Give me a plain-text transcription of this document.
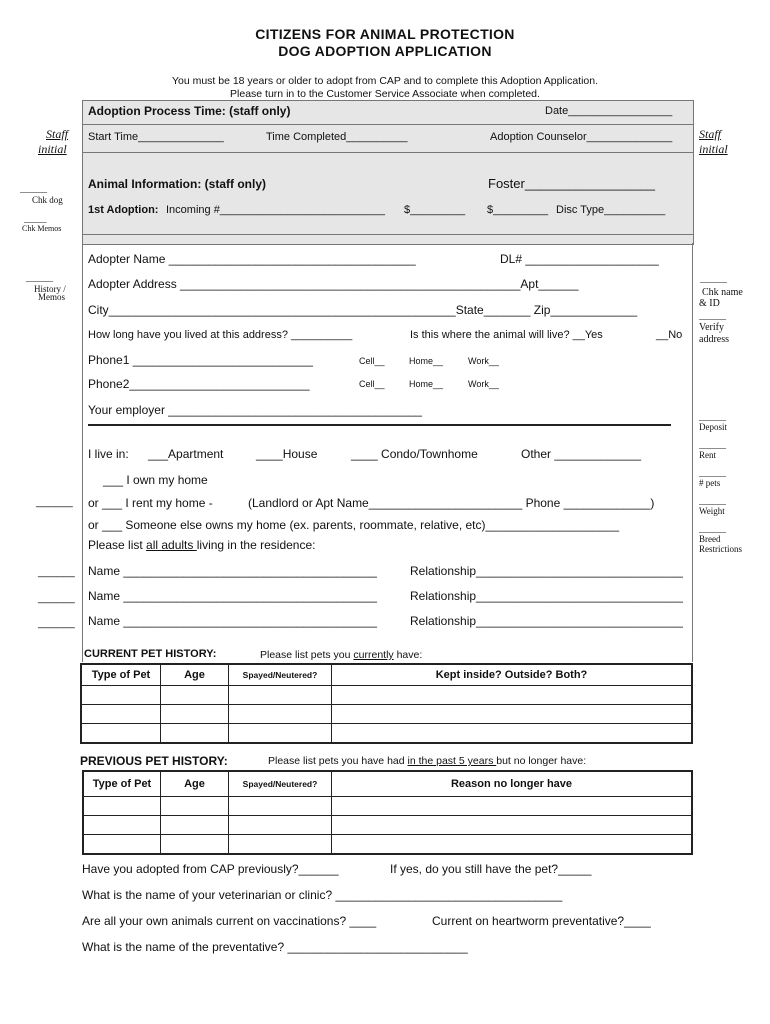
CITIZENS FOR ANIMAL PROTECTION
DOG ADOPTION APPLICATION
You must be 18 years or older to adopt from CAP and to complete this Adoption Application.
Please turn in to the Customer Service Associate when completed.
Adoption Process Time: (staff only)	Date_________________
Start Time______________	Time Completed__________	Adoption Counselor______________
Animal Information: (staff only)	Foster__________________
1st Adoption: Incoming #___________________________ $_________ $_________ Disc Type__________
Staff
initial
______
Chk dog
_____
Chk Memos
______
History /
Memos
______
______
______
______
Staff
initial
______
Chk name
& ID
______
Verify
address
______
Deposit
______
Rent
______
# pets
______
Weight
______
Breed
Restrictions
Adopter Name _____________________________________	DL# ____________________
Adopter Address ___________________________________________________Apt______
City____________________________________________________State_______ Zip_____________
How long have you lived at this address? __________	Is this where the animal will live? __Yes	__No
Phone1 ___________________________	Cell__	Home__	Work__
Phone2___________________________	Cell__	Home__	Work__
Your employer ______________________________________
I live in: ___Apartment	____House	____ Condo/Townhome	Other _____________
___ I own my home
or ___ I rent my home -	(Landlord or Apt Name_______________________ Phone _____________)
or ___ Someone else owns my home (ex. parents, roommate, relative, etc)____________________
Please list all adults living in the residence:
Name ______________________________________	Relationship_______________________________
Name ______________________________________	Relationship_______________________________
Name ______________________________________	Relationship_______________________________
CURRENT PET HISTORY:	Please list pets you currently have:
Type of Pet	Age	Spayed/Neutered?	Kept inside? Outside? Both?

PREVIOUS PET HISTORY:	Please list pets you have had in the past 5 years but no longer have:
Type of Pet	Age	Spayed/Neutered?	Reason no longer have

Have you adopted from CAP previously?______	If yes, do you still have the pet?_____
What is the name of your veterinarian or clinic? __________________________________
Are all your own animals current on vaccinations? ____	Current on heartworm preventative?____
What is the name of the preventative? ___________________________
